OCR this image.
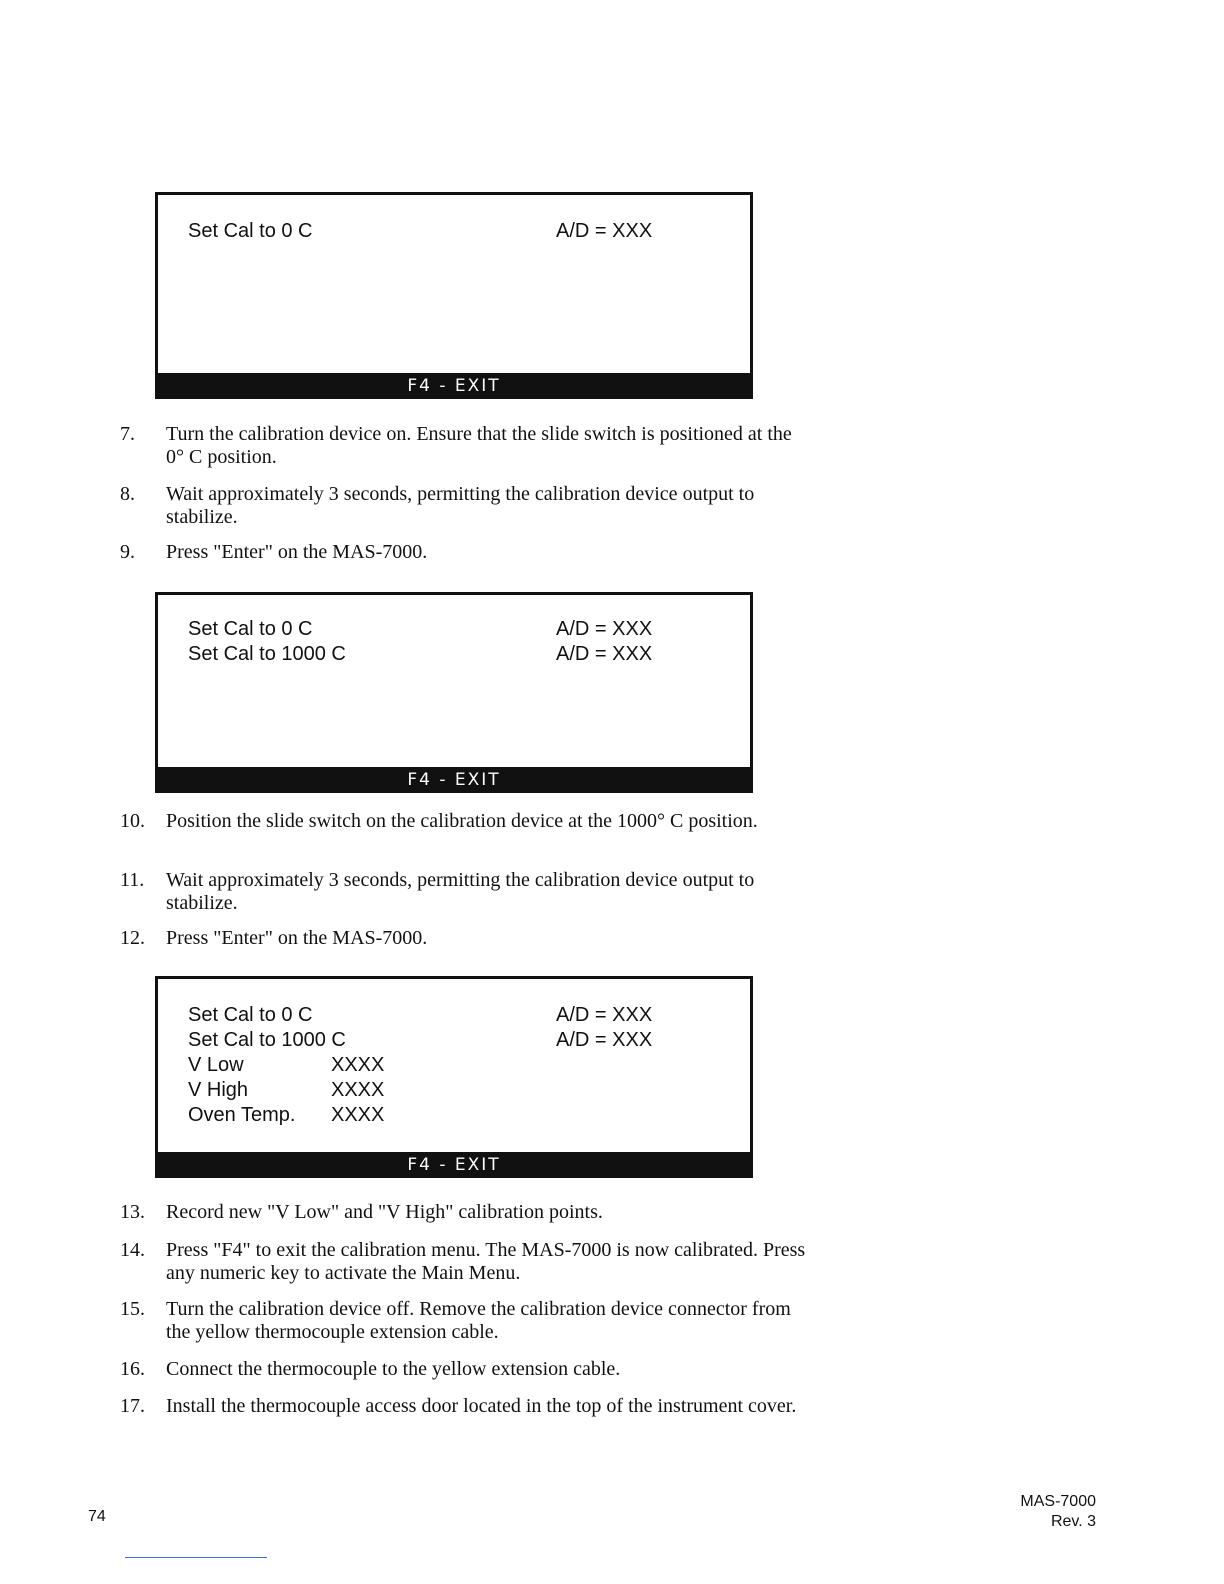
Set Cal to 0 C	A/D = XXX
F4 - EXIT
7.	Turn the calibration device on. Ensure that the slide switch is positioned at the 0° C position.
8.	Wait approximately 3 seconds, permitting the calibration device output to stabilize.
9.	Press "Enter" on the MAS-7000.
Set Cal to 0 C	A/D = XXX
Set Cal to 1000 C	A/D = XXX
F4 - EXIT
10.	Position the slide switch on the calibration device at the 1000° C position.
11.	Wait approximately 3 seconds, permitting the calibration device output to stabilize.
12.	Press "Enter" on the MAS-7000.
Set Cal to 0 C	A/D = XXX
Set Cal to 1000 C	A/D = XXX
V Low	XXXX
V High	XXXX
Oven Temp. XXXX
F4 - EXIT
13.	Record new "V Low" and "V High" calibration points.
14.	Press "F4" to exit the calibration menu. The MAS-7000 is now calibrated. Press any numeric key to activate the Main Menu.
15.	Turn the calibration device off. Remove the calibration device connector from the yellow thermocouple extension cable.
16.	Connect the thermocouple to the yellow extension cable.
17.	Install the thermocouple access door located in the top of the instrument cover.
74
MAS-7000
Rev. 3
